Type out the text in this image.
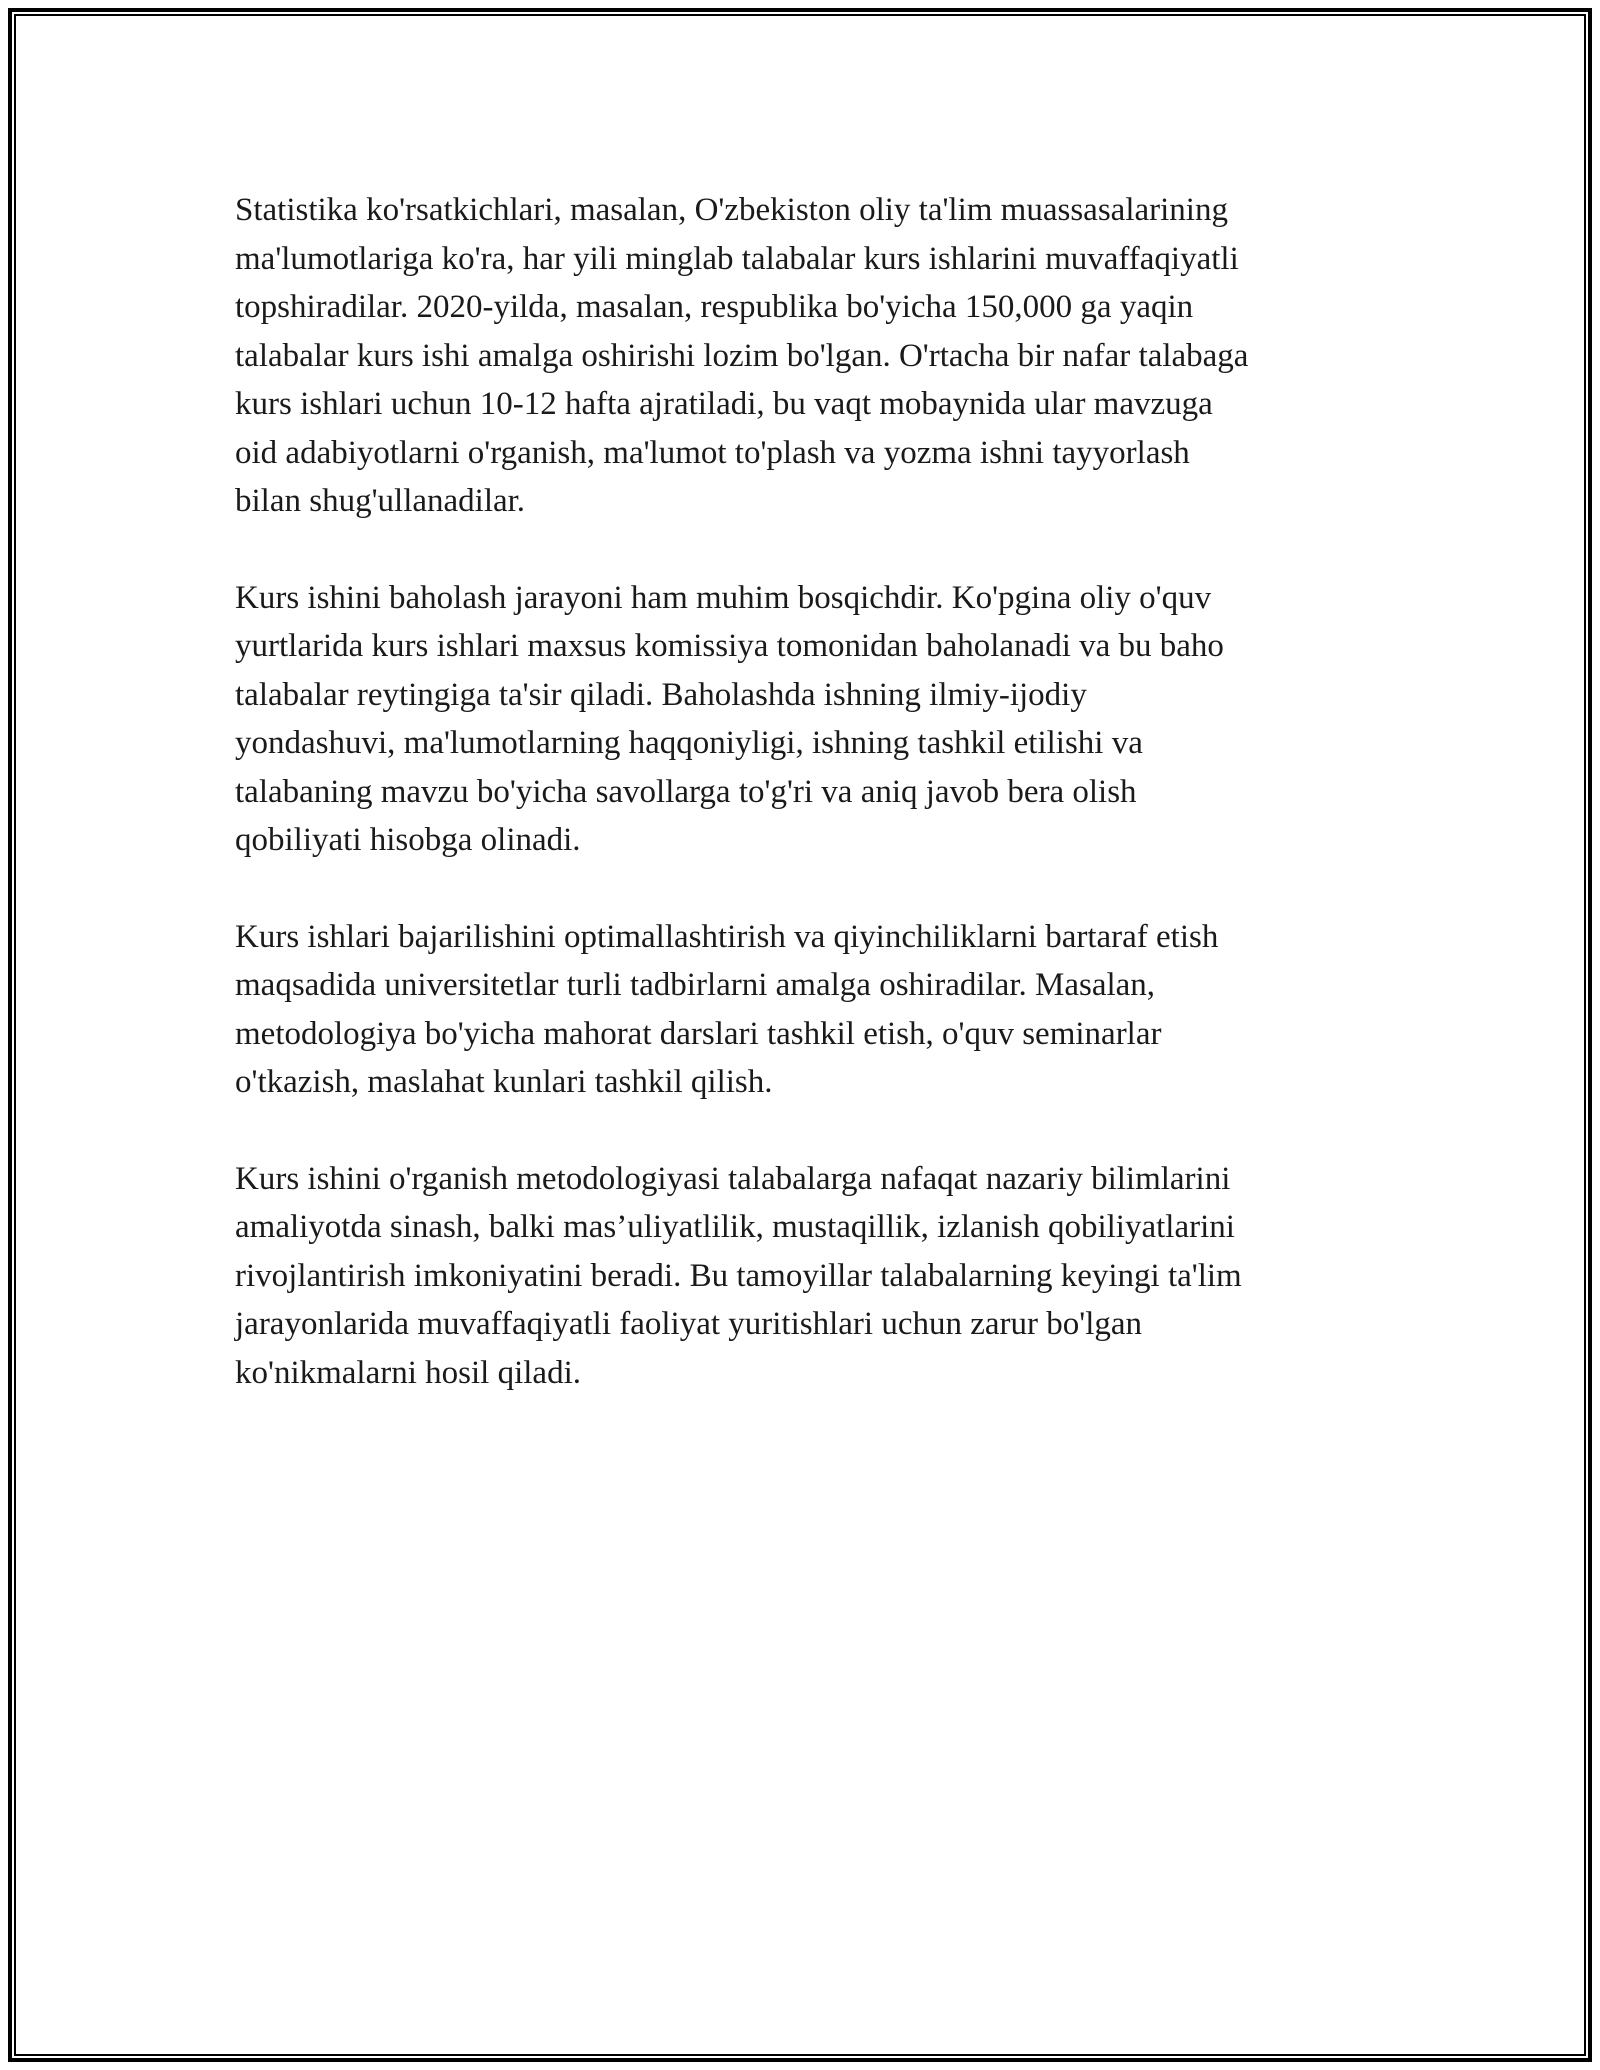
Statistika ko'rsatkichlari, masalan, O'zbekiston oliy ta'lim muassasalarining
ma'lumotlariga ko'ra, har yili minglab talabalar kurs ishlarini muvaffaqiyatli
topshiradilar. 2020-yilda, masalan, respublika bo'yicha 150,000 ga yaqin
talabalar kurs ishi amalga oshirishi lozim bo'lgan. O'rtacha bir nafar talabaga
kurs ishlari uchun 10-12 hafta ajratiladi, bu vaqt mobaynida ular mavzuga
oid adabiyotlarni o'rganish, ma'lumot to'plash va yozma ishni tayyorlash
bilan shug'ullanadilar.

Kurs ishini baholash jarayoni ham muhim bosqichdir. Ko'pgina oliy o'quv
yurtlarida kurs ishlari maxsus komissiya tomonidan baholanadi va bu baho
talabalar reytingiga ta'sir qiladi. Baholashda ishning ilmiy-ijodiy
yondashuvi, ma'lumotlarning haqqoniyligi, ishning tashkil etilishi va
talabaning mavzu bo'yicha savollarga to'g'ri va aniq javob bera olish
qobiliyati hisobga olinadi.

Kurs ishlari bajarilishini optimallashtirish va qiyinchiliklarni bartaraf etish
maqsadida universitetlar turli tadbirlarni amalga oshiradilar. Masalan,
metodologiya bo'yicha mahorat darslari tashkil etish, o'quv seminarlar
o'tkazish, maslahat kunlari tashkil qilish.

Kurs ishini o'rganish metodologiyasi talabalarga nafaqat nazariy bilimlarini
amaliyotda sinash, balki mas’uliyatlilik, mustaqillik, izlanish qobiliyatlarini
rivojlantirish imkoniyatini beradi. Bu tamoyillar talabalarning keyingi ta'lim
jarayonlarida muvaffaqiyatli faoliyat yuritishlari uchun zarur bo'lgan
ko'nikmalarni hosil qiladi.
